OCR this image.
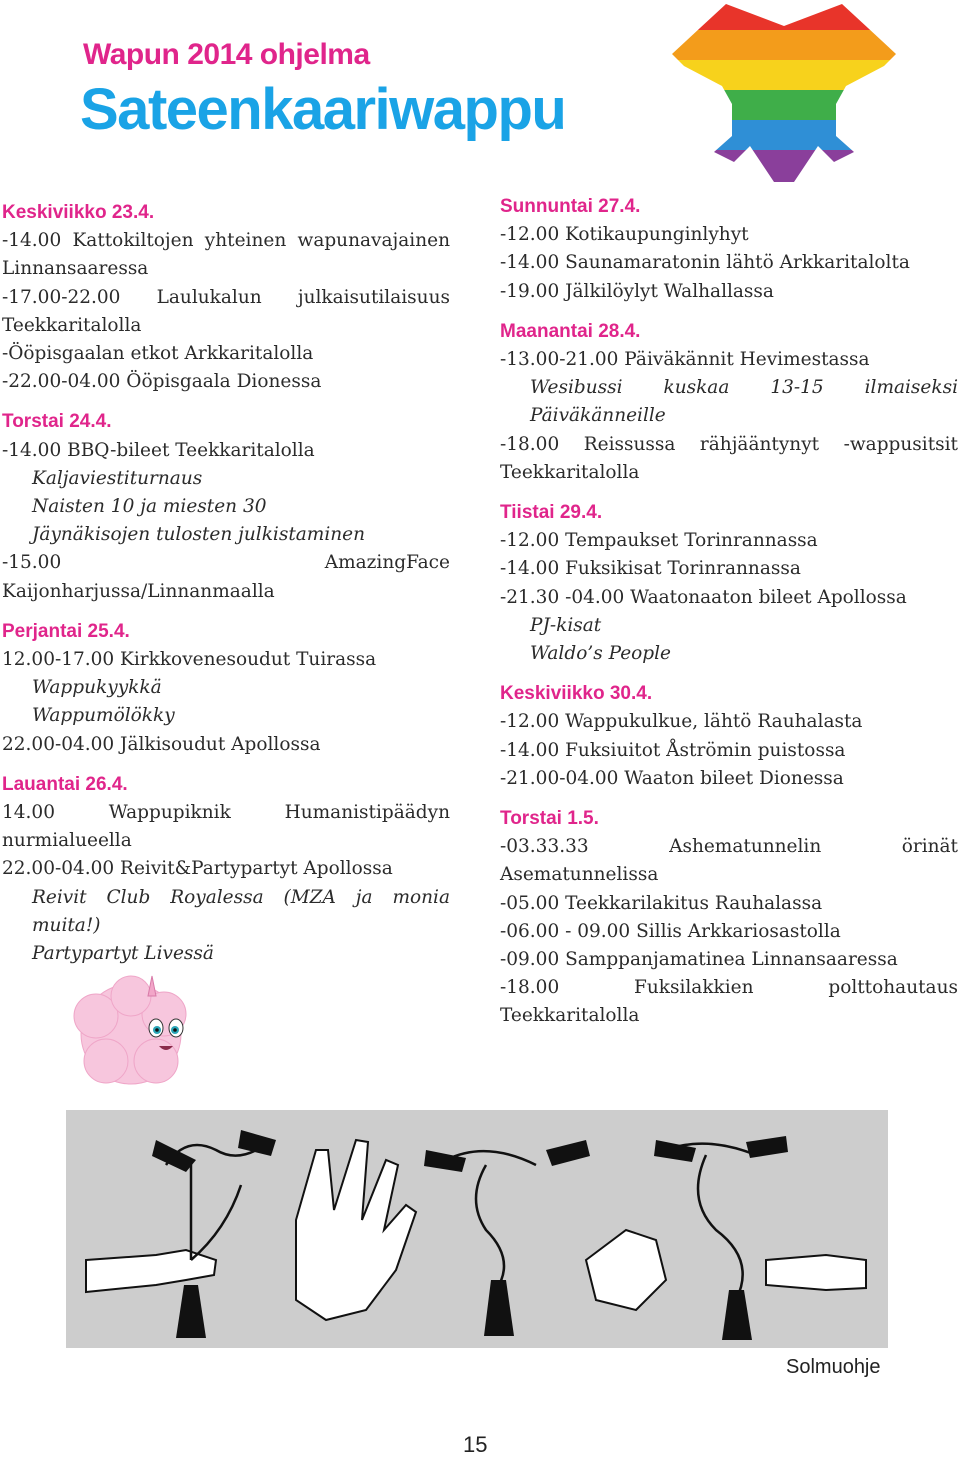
Wapun 2014 ohjelma
Sateenkaariwappu
Keskiviikko 23.4.
-14.00 Kattokiltojen yhteinen wapunavajainen Linnansaaressa
-17.00-22.00 Laulukalun julkaisutilaisuus Teekkaritalolla
-Ööpisgaalan etkot Arkkaritalolla
-22.00-04.00 Ööpisgaala Dionessa
Torstai 24.4.
-14.00 BBQ-bileet Teekkaritalolla
Kaljaviestiturnaus
Naisten 10 ja miesten 30
Jäynäkisojen tulosten julkistaminen
-15.00 AmazingFace Kaijonharjussa/Linnanmaalla
Perjantai 25.4.
12.00-17.00 Kirkkovenesoudut Tuirassa
Wappukyykkä
Wappumölökky
22.00-04.00 Jälkisoudut Apollossa
Lauantai 26.4.
14.00 Wappupiknik Humanistipäädyn nurmialueella
22.00-04.00 Reivit&Partypartyt Apollossa
Reivit Club Royalessa (MZA ja monia muita!)
Partypartyt Livessä
Sunnuntai 27.4.
-12.00 Kotikaupunginlyhyt
-14.00 Saunamaratonin lähtö Arkkaritalolta
-19.00 Jälkilöylyt Walhallassa
Maanantai 28.4.
-13.00-21.00 Päiväkännit Hevimestassa
Wesibussi kuskaa 13-15 ilmaiseksi Päiväkänneille
-18.00 Reissussa rähjääntynyt -wappusitsit Teekkaritalolla
Tiistai 29.4.
-12.00 Tempaukset Torinrannassa
-14.00 Fuksikisat Torinrannassa
-21.30 -04.00 Waatonaaton bileet Apollossa
PJ-kisat
Waldo’s People
Keskiviikko 30.4.
-12.00 Wappukulkue, lähtö Rauhalasta
-14.00 Fuksiuitot Åströmin puistossa
-21.00-04.00 Waaton bileet Dionessa
Torstai 1.5.
-03.33.33 Ashematunnelin örinät Asematunnelissa
-05.00 Teekkarilakitus Rauhalassa
-06.00 - 09.00 Sillis Arkkariosastolla
-09.00 Samppanjamatinea Linnansaaressa
-18.00 Fuksilakkien polttohautaus Teekkaritalolla
Solmuohje
15
